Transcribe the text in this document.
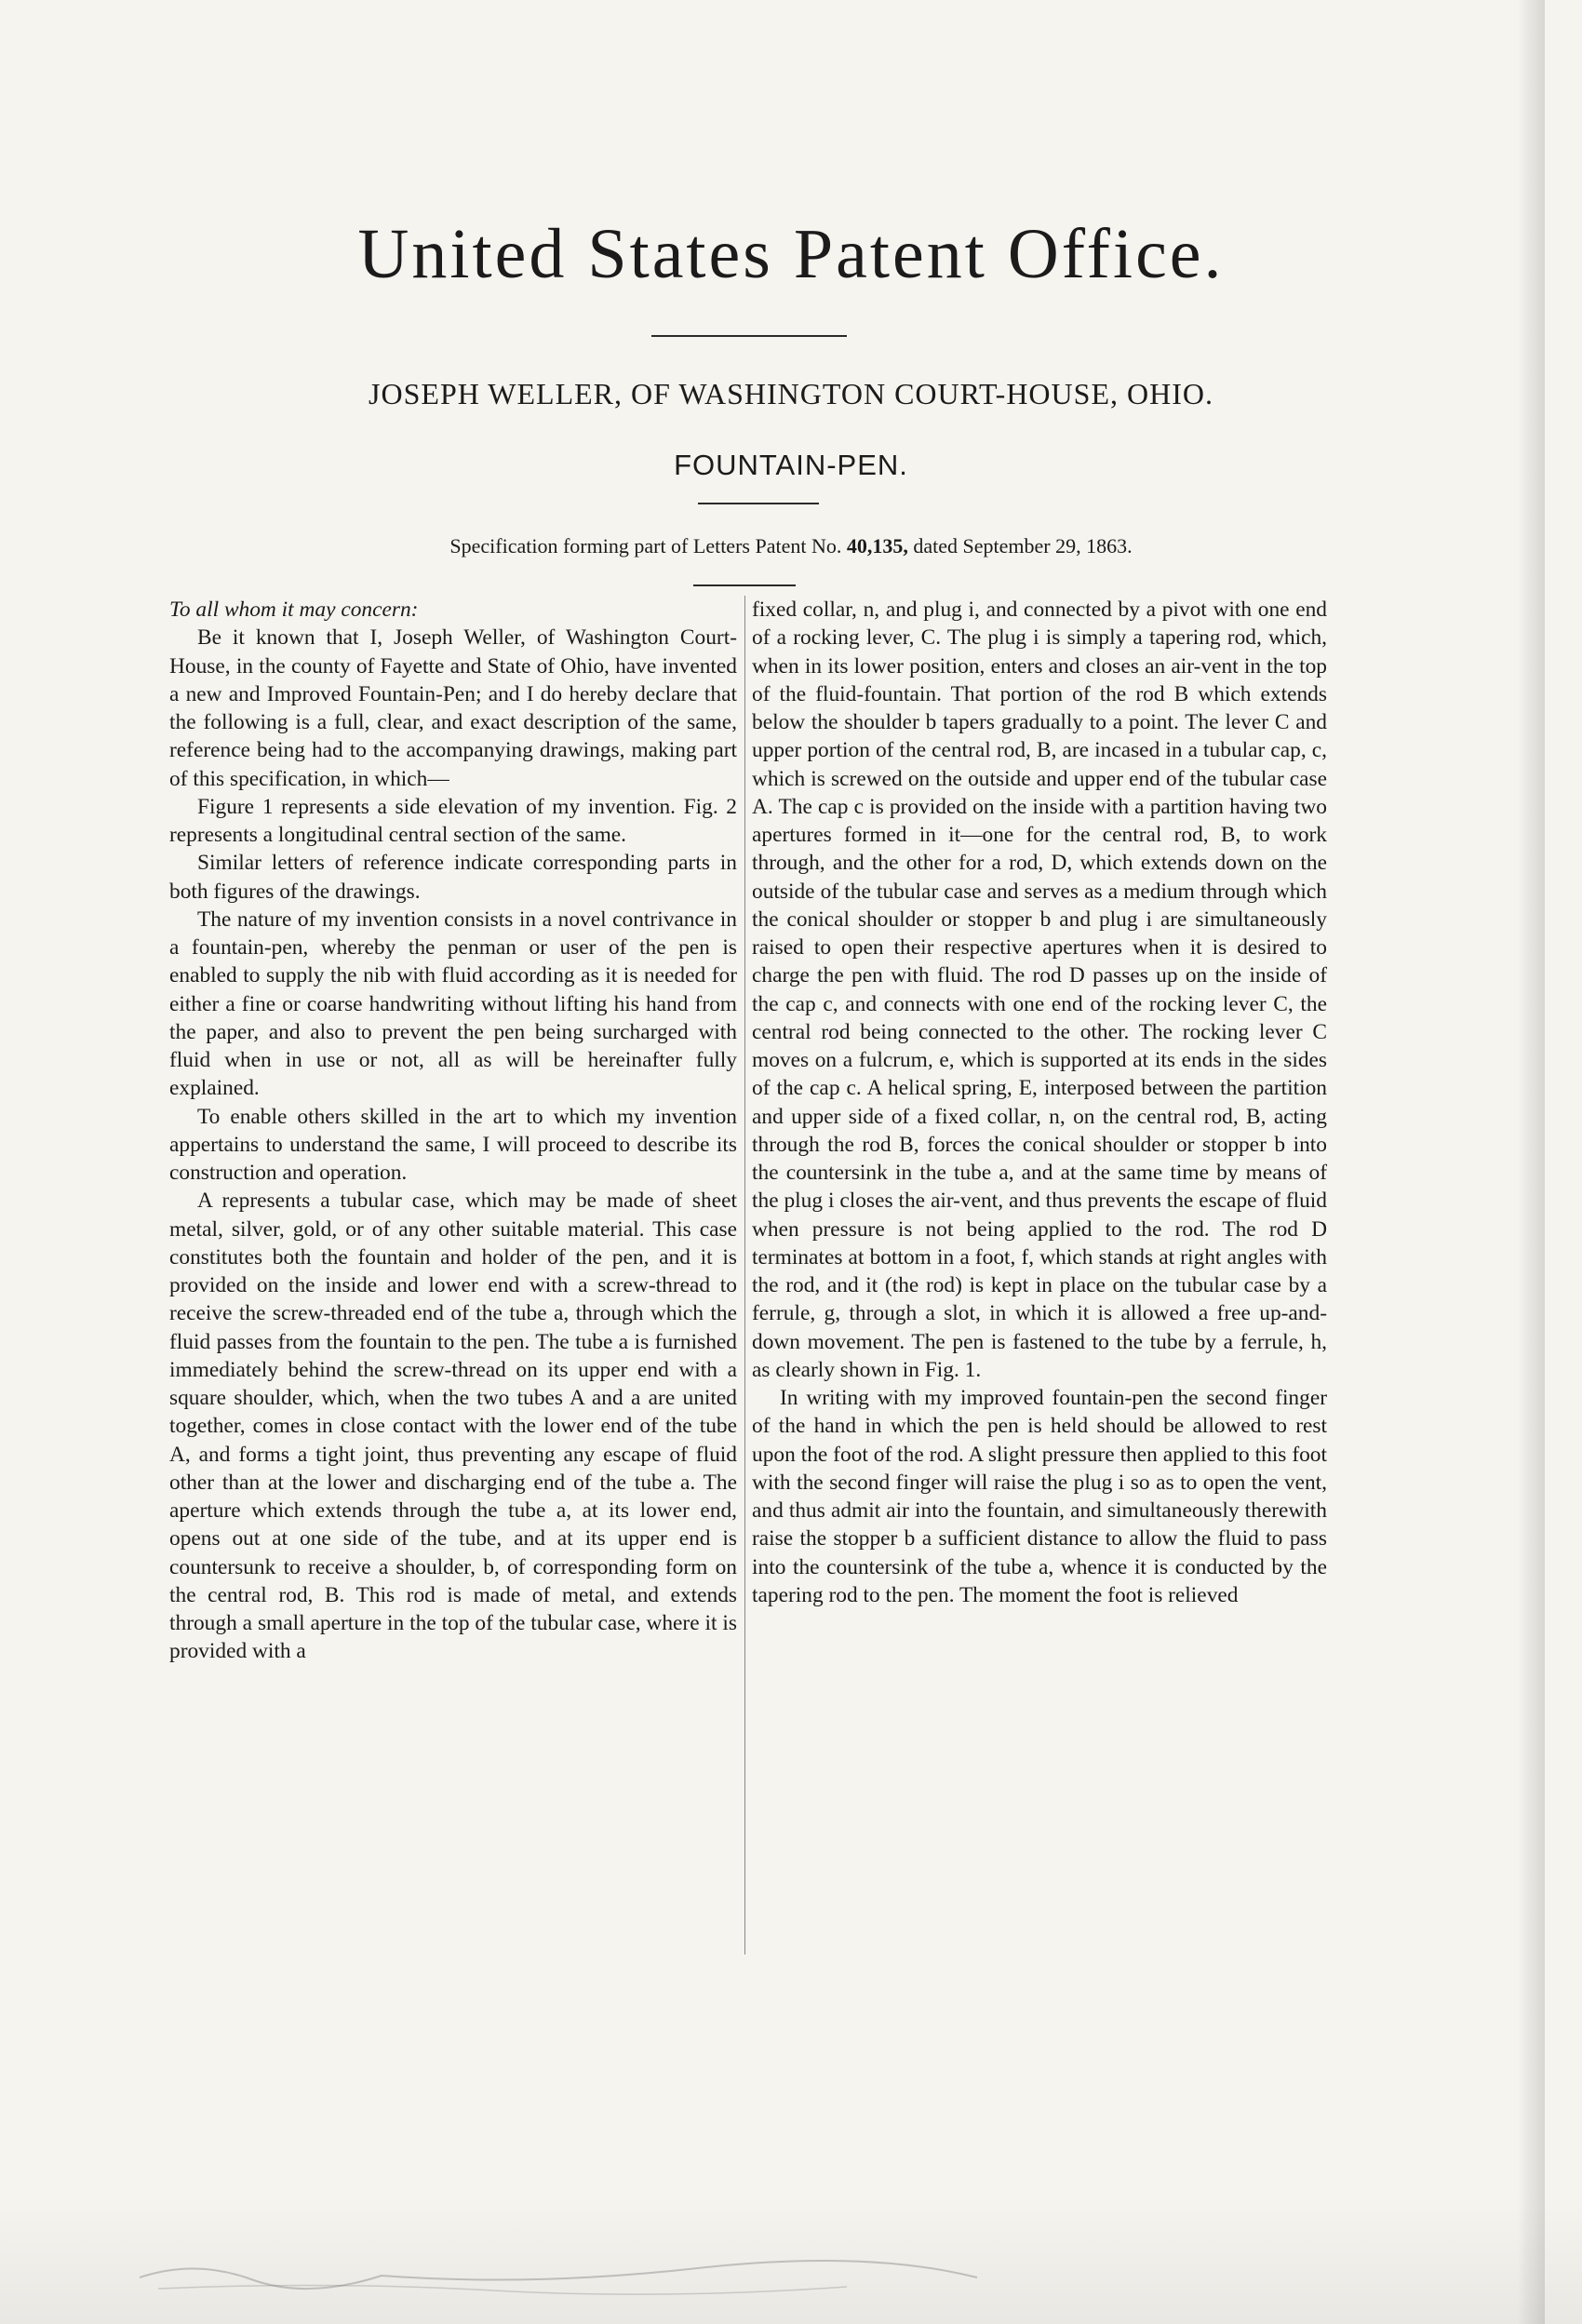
United States Patent Office.
JOSEPH WELLER, OF WASHINGTON COURT-HOUSE, OHIO.
FOUNTAIN-PEN.
Specification forming part of Letters Patent No. 40,135, dated September 29, 1863.

To all whom it may concern:

Be it known that I, Joseph Weller, of Washington Court-House, in the county of Fayette and State of Ohio, have invented a new and Improved Fountain-Pen; and I do hereby declare that the following is a full, clear, and exact description of the same, reference being had to the accompanying drawings, making part of this specification, in which—

Figure 1 represents a side elevation of my invention. Fig. 2 represents a longitudinal central section of the same.

Similar letters of reference indicate corresponding parts in both figures of the drawings.

The nature of my invention consists in a novel contrivance in a fountain-pen, whereby the penman or user of the pen is enabled to supply the nib with fluid according as it is needed for either a fine or coarse handwriting without lifting his hand from the paper, and also to prevent the pen being surcharged with fluid when in use or not, all as will be hereinafter fully explained.

To enable others skilled in the art to which my invention appertains to understand the same, I will proceed to describe its construction and operation.

A represents a tubular case, which may be made of sheet metal, silver, gold, or of any other suitable material. This case constitutes both the fountain and holder of the pen, and it is provided on the inside and lower end with a screw-thread to receive the screw-threaded end of the tube a, through which the fluid passes from the fountain to the pen. The tube a is furnished immediately behind the screw-thread on its upper end with a square shoulder, which, when the two tubes A and a are united together, comes in close contact with the lower end of the tube A, and forms a tight joint, thus preventing any escape of fluid other than at the lower and discharging end of the tube a. The aperture which extends through the tube a, at its lower end, opens out at one side of the tube, and at its upper end is countersunk to receive a shoulder, b, of corresponding form on the central rod, B. This rod is made of metal, and extends through a small aperture in the top of the tubular case, where it is provided with a

fixed collar, n, and plug i, and connected by a pivot with one end of a rocking lever, C. The plug i is simply a tapering rod, which, when in its lower position, enters and closes an air-vent in the top of the fluid-fountain. That portion of the rod B which extends below the shoulder b tapers gradually to a point. The lever C and upper portion of the central rod, B, are incased in a tubular cap, c, which is screwed on the outside and upper end of the tubular case A. The cap c is provided on the inside with a partition having two apertures formed in it—one for the central rod, B, to work through, and the other for a rod, D, which extends down on the outside of the tubular case and serves as a medium through which the conical shoulder or stopper b and plug i are simultaneously raised to open their respective apertures when it is desired to charge the pen with fluid. The rod D passes up on the inside of the cap c, and connects with one end of the rocking lever C, the central rod being connected to the other. The rocking lever C moves on a fulcrum, e, which is supported at its ends in the sides of the cap c. A helical spring, E, interposed between the partition and upper side of a fixed collar, n, on the central rod, B, acting through the rod B, forces the conical shoulder or stopper b into the countersink in the tube a, and at the same time by means of the plug i closes the air-vent, and thus prevents the escape of fluid when pressure is not being applied to the rod. The rod D terminates at bottom in a foot, f, which stands at right angles with the rod, and it (the rod) is kept in place on the tubular case by a ferrule, g, through a slot, in which it is allowed a free up-and-down movement. The pen is fastened to the tube by a ferrule, h, as clearly shown in Fig. 1.

In writing with my improved fountain-pen the second finger of the hand in which the pen is held should be allowed to rest upon the foot of the rod. A slight pressure then applied to this foot with the second finger will raise the plug i so as to open the vent, and thus admit air into the fountain, and simultaneously therewith raise the stopper b a sufficient distance to allow the fluid to pass into the countersink of the tube a, whence it is conducted by the tapering rod to the pen. The moment the foot is relieved
